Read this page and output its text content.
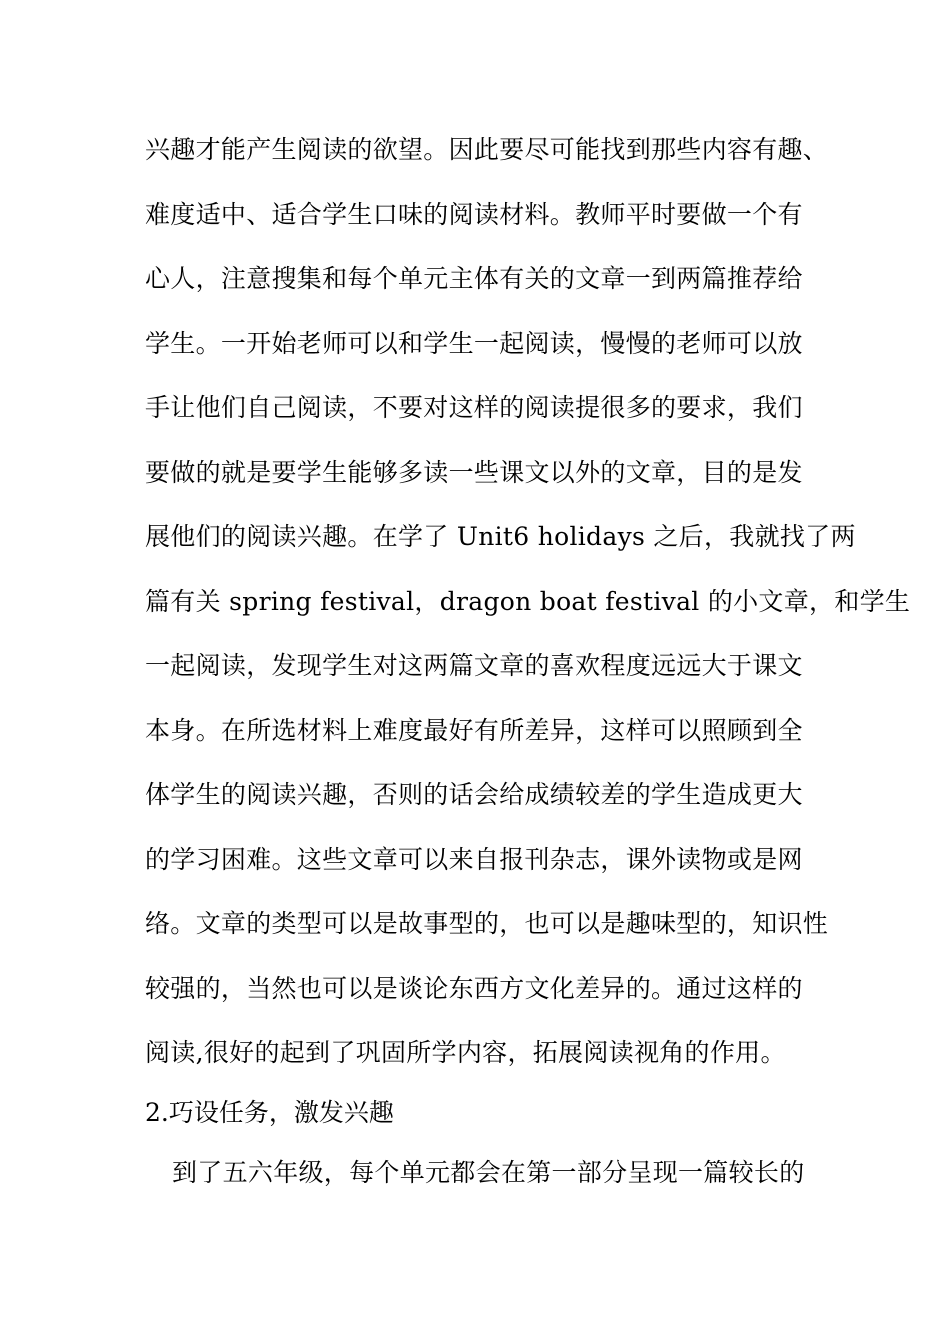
兴趣才能产生阅读的欲望。因此要尽可能找到那些内容有趣、
难度适中、适合学生口味的阅读材料。教师平时要做一个有
心人，注意搜集和每个单元主体有关的文章一到两篇推荐给
学生。一开始老师可以和学生一起阅读，慢慢的老师可以放
手让他们自己阅读，不要对这样的阅读提很多的要求，我们
要做的就是要学生能够多读一些课文以外的文章，目的是发
展他们的阅读兴趣。在学了 Unit6 holidays 之后，我就找了两
篇有关 spring festival，dragon boat festival 的小文章，和学生
一起阅读，发现学生对这两篇文章的喜欢程度远远大于课文
本身。在所选材料上难度最好有所差异，这样可以照顾到全
体学生的阅读兴趣，否则的话会给成绩较差的学生造成更大
的学习困难。这些文章可以来自报刊杂志，课外读物或是网
络。文章的类型可以是故事型的，也可以是趣味型的，知识性
较强的，当然也可以是谈论东西方文化差异的。通过这样的
阅读,很好的起到了巩固所学内容，拓展阅读视角的作用。
2.巧设任务，激发兴趣
到了五六年级，每个单元都会在第一部分呈现一篇较长的
